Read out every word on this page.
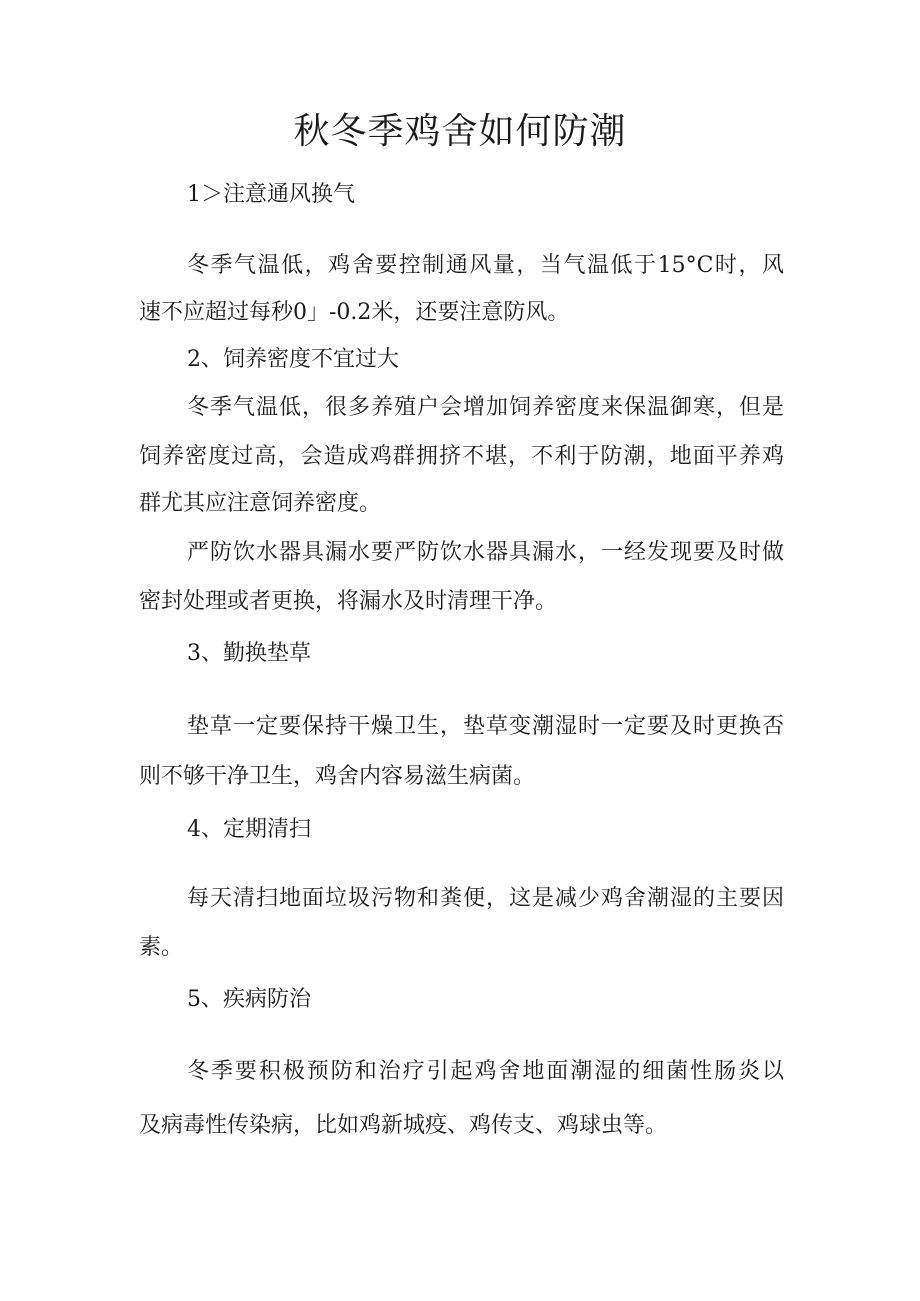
秋冬季鸡舍如何防潮

1＞注意通风换气

冬季气温低，鸡舍要控制通风量，当气温低于15°C时，风

速不应超过每秒0」-0.2米，还要注意防风。

2、饲养密度不宜过大

冬季气温低，很多养殖户会增加饲养密度来保温御寒，但是

饲养密度过高，会造成鸡群拥挤不堪，不利于防潮，地面平养鸡

群尤其应注意饲养密度。

严防饮水器具漏水要严防饮水器具漏水，一经发现要及时做

密封处理或者更换，将漏水及时清理干净。

3、勤换垫草

垫草一定要保持干燥卫生，垫草变潮湿时一定要及时更换否

则不够干净卫生，鸡舍内容易滋生病菌。

4、定期清扫

每天清扫地面垃圾污物和粪便，这是减少鸡舍潮湿的主要因

素。

5、疾病防治

冬季要积极预防和治疗引起鸡舍地面潮湿的细菌性肠炎以

及病毒性传染病，比如鸡新城疫、鸡传支、鸡球虫等。
